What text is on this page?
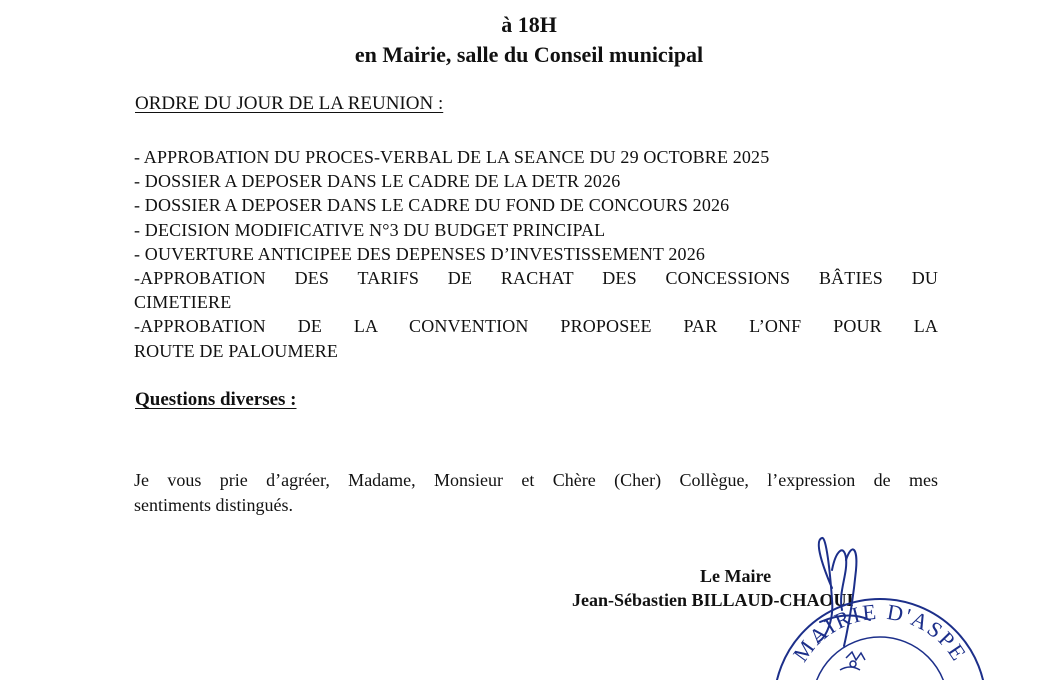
à 18H
en Mairie, salle du Conseil municipal
ORDRE DU JOUR DE LA REUNION :
- APPROBATION DU PROCES-VERBAL DE LA SEANCE DU 29 OCTOBRE 2025
- DOSSIER A DEPOSER DANS LE CADRE DE LA DETR 2026
- DOSSIER A DEPOSER DANS LE CADRE DU FOND DE CONCOURS 2026
- DECISION MODIFICATIVE N°3 DU BUDGET PRINCIPAL
- OUVERTURE ANTICIPEE DES DEPENSES D’INVESTISSEMENT 2026
-APPROBATION DES TARIFS DE RACHAT DES CONCESSIONS BÂTIES DU
CIMETIERE
-APPROBATION DE LA CONVENTION PROPOSEE PAR L’ONF POUR LA
ROUTE DE PALOUMERE
Questions diverses :
Je vous prie d’agréer, Madame, Monsieur et Chère (Cher) Collègue, l’expression de mes
sentiments distingués.
Le Maire
Jean-Sébastien BILLAUD-CHAOUI
MAIRIE D'ASPE
